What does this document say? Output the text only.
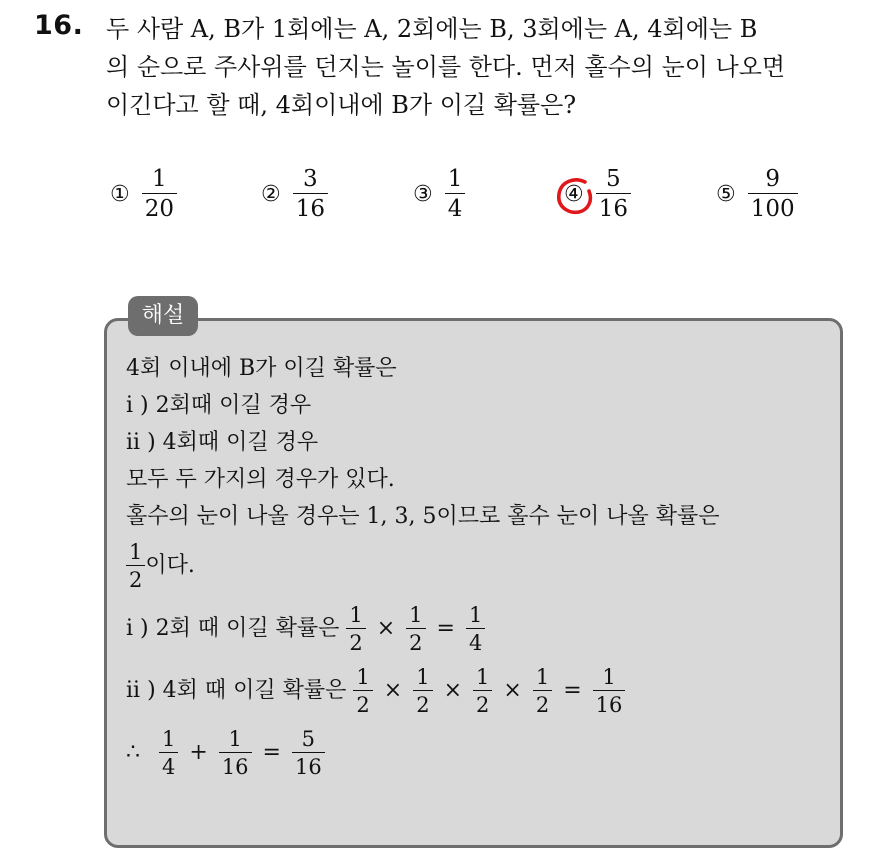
16. 두 사람 A, B가 1회에는 A, 2회에는 B, 3회에는 A, 4회에는 B
의 순으로 주사위를 던지는 놀이를 한다. 먼저 홀수의 눈이 나오면
이긴다고 할 때, 4회이내에 B가 이길 확률은?
① $\frac{1}{20}$	② $\frac{3}{16}$	③ $\frac{1}{4}$	④ $\frac{5}{16}$	⑤ $\frac{9}{100}$
해설
4회 이내에 B가 이길 확률은
i ) 2회때 이길 경우
ii ) 4회때 이길 경우
모두 두 가지의 경우가 있다.
홀수의 눈이 나올 경우는 1, 3, 5이므로 홀수 눈이 나올 확률은
$\frac{1}{2}$ 이다.
i ) 2회 때 이길 확률은 $\frac{1}{2} \times \frac{1}{2} = \frac{1}{4}$
ii ) 4회 때 이길 확률은 $\frac{1}{2} \times \frac{1}{2} \times \frac{1}{2} \times \frac{1}{2} = \frac{1}{16}$
∴ $\frac{1}{4} + \frac{1}{16} = \frac{5}{16}$
